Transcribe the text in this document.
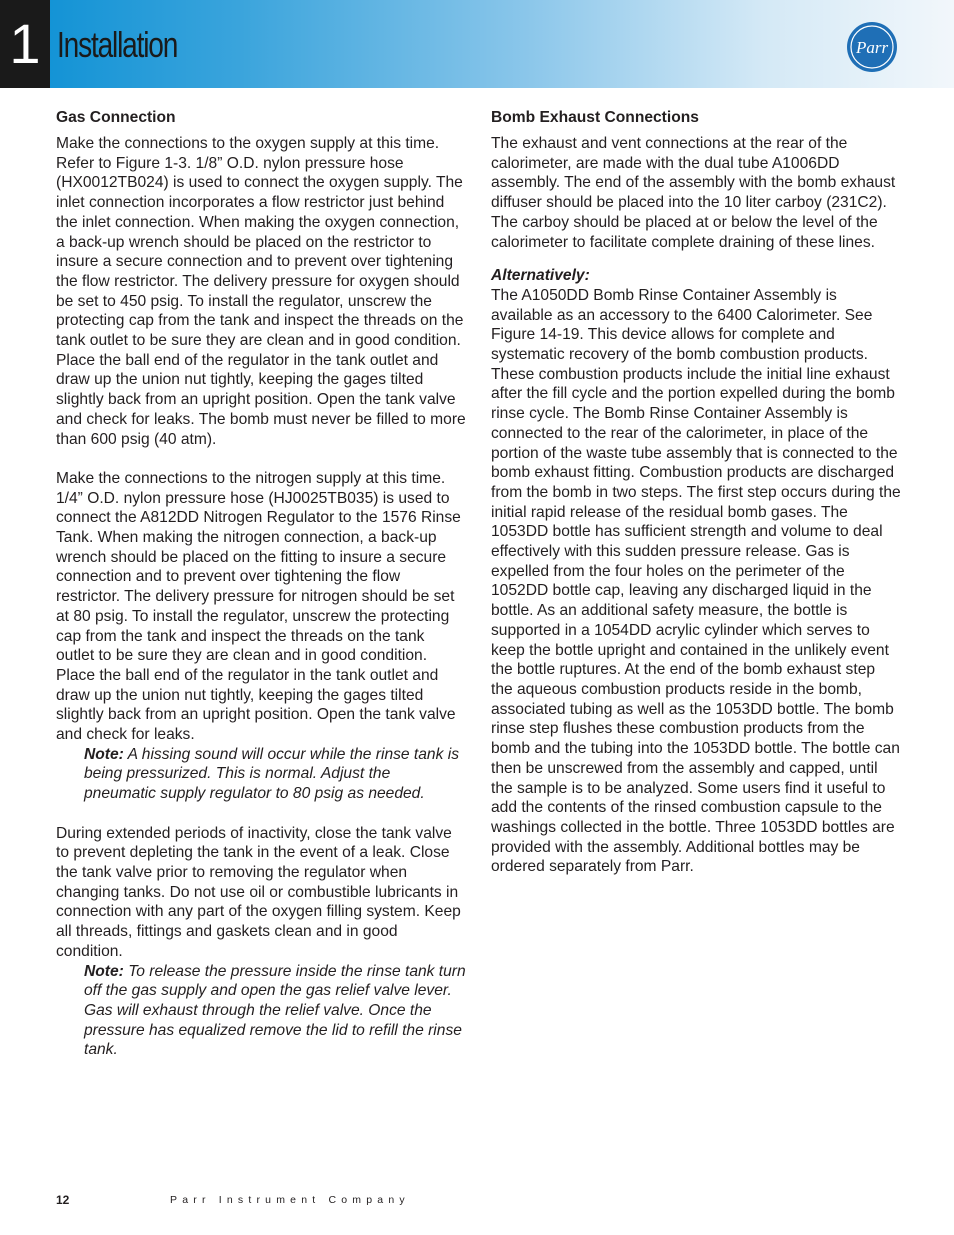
1 Installation	Parr
Gas Connection

Make the connections to the oxygen supply at this time. Refer to Figure 1-3. 1/8” O.D. nylon pressure hose (HX0012TB024) is used to connect the oxygen supply. The inlet connection incorporates a flow restrictor just behind the inlet connection. When making the oxygen connection, a back-up wrench should be placed on the restrictor to insure a secure connection and to prevent over tightening the flow restrictor. The delivery pressure for oxygen should be set to 450 psig. To install the regulator, unscrew the protecting cap from the tank and inspect the threads on the tank outlet to be sure they are clean and in good condition. Place the ball end of the regulator in the tank outlet and draw up the union nut tightly, keeping the gages tilted slightly back from an upright position. Open the tank valve and check for leaks. The bomb must never be filled to more than 600 psig (40 atm).

Make the connections to the nitrogen supply at this time. 1/4” O.D. nylon pressure hose (HJ0025TB035) is used to connect the A812DD Nitrogen Regulator to the 1576 Rinse Tank. When making the nitrogen connection, a back-up wrench should be placed on the fitting to insure a secure connection and to prevent over tightening the flow restrictor. The delivery pressure for nitrogen should be set at 80 psig. To install the regulator, unscrew the protecting cap from the tank and inspect the threads on the tank outlet to be sure they are clean and in good condition. Place the ball end of the regulator in the tank outlet and draw up the union nut tightly, keeping the gages tilted slightly back from an upright position. Open the tank valve and check for leaks.

Note: A hissing sound will occur while the rinse tank is being pressurized. This is normal. Adjust the pneumatic supply regulator to 80 psig as needed.

During extended periods of inactivity, close the tank valve to prevent depleting the tank in the event of a leak. Close the tank valve prior to removing the regulator when changing tanks. Do not use oil or combustible lubricants in connection with any part of the oxygen filling system. Keep all threads, fittings and gaskets clean and in good condition.

Note: To release the pressure inside the rinse tank turn off the gas supply and open the gas relief valve lever. Gas will exhaust through the relief valve. Once the pressure has equalized remove the lid to refill the rinse tank.

Bomb Exhaust Connections

The exhaust and vent connections at the rear of the calorimeter, are made with the dual tube A1006DD assembly. The end of the assembly with the bomb exhaust diffuser should be placed into the 10 liter carboy (231C2). The carboy should be placed at or below the level of the calorimeter to facilitate complete draining of these lines.

Alternatively:

The A1050DD Bomb Rinse Container Assembly is available as an accessory to the 6400 Calorimeter. See Figure 14-19. This device allows for complete and systematic recovery of the bomb combustion products. These combustion products include the initial line exhaust after the fill cycle and the portion expelled during the bomb rinse cycle. The Bomb Rinse Container Assembly is connected to the rear of the calorimeter, in place of the portion of the waste tube assembly that is connected to the bomb exhaust fitting. Combustion products are discharged from the bomb in two steps. The first step occurs during the initial rapid release of the residual bomb gases. The 1053DD bottle has sufficient strength and volume to deal effectively with this sudden pressure release. Gas is expelled from the four holes on the perimeter of the 1052DD bottle cap, leaving any discharged liquid in the bottle. As an additional safety measure, the bottle is supported in a 1054DD acrylic cylinder which serves to keep the bottle upright and contained in the unlikely event the bottle ruptures. At the end of the bomb exhaust step the aqueous combustion products reside in the bomb, associated tubing as well as the 1053DD bottle. The bomb rinse step flushes these combustion products from the bomb and the tubing into the 1053DD bottle. The bottle can then be unscrewed from the assembly and capped, until the sample is to be analyzed. Some users find it useful to add the contents of the rinsed combustion capsule to the washings collected in the bottle. Three 1053DD bottles are provided with the assembly. Additional bottles may be ordered separately from Parr.

12	Parr Instrument Company
